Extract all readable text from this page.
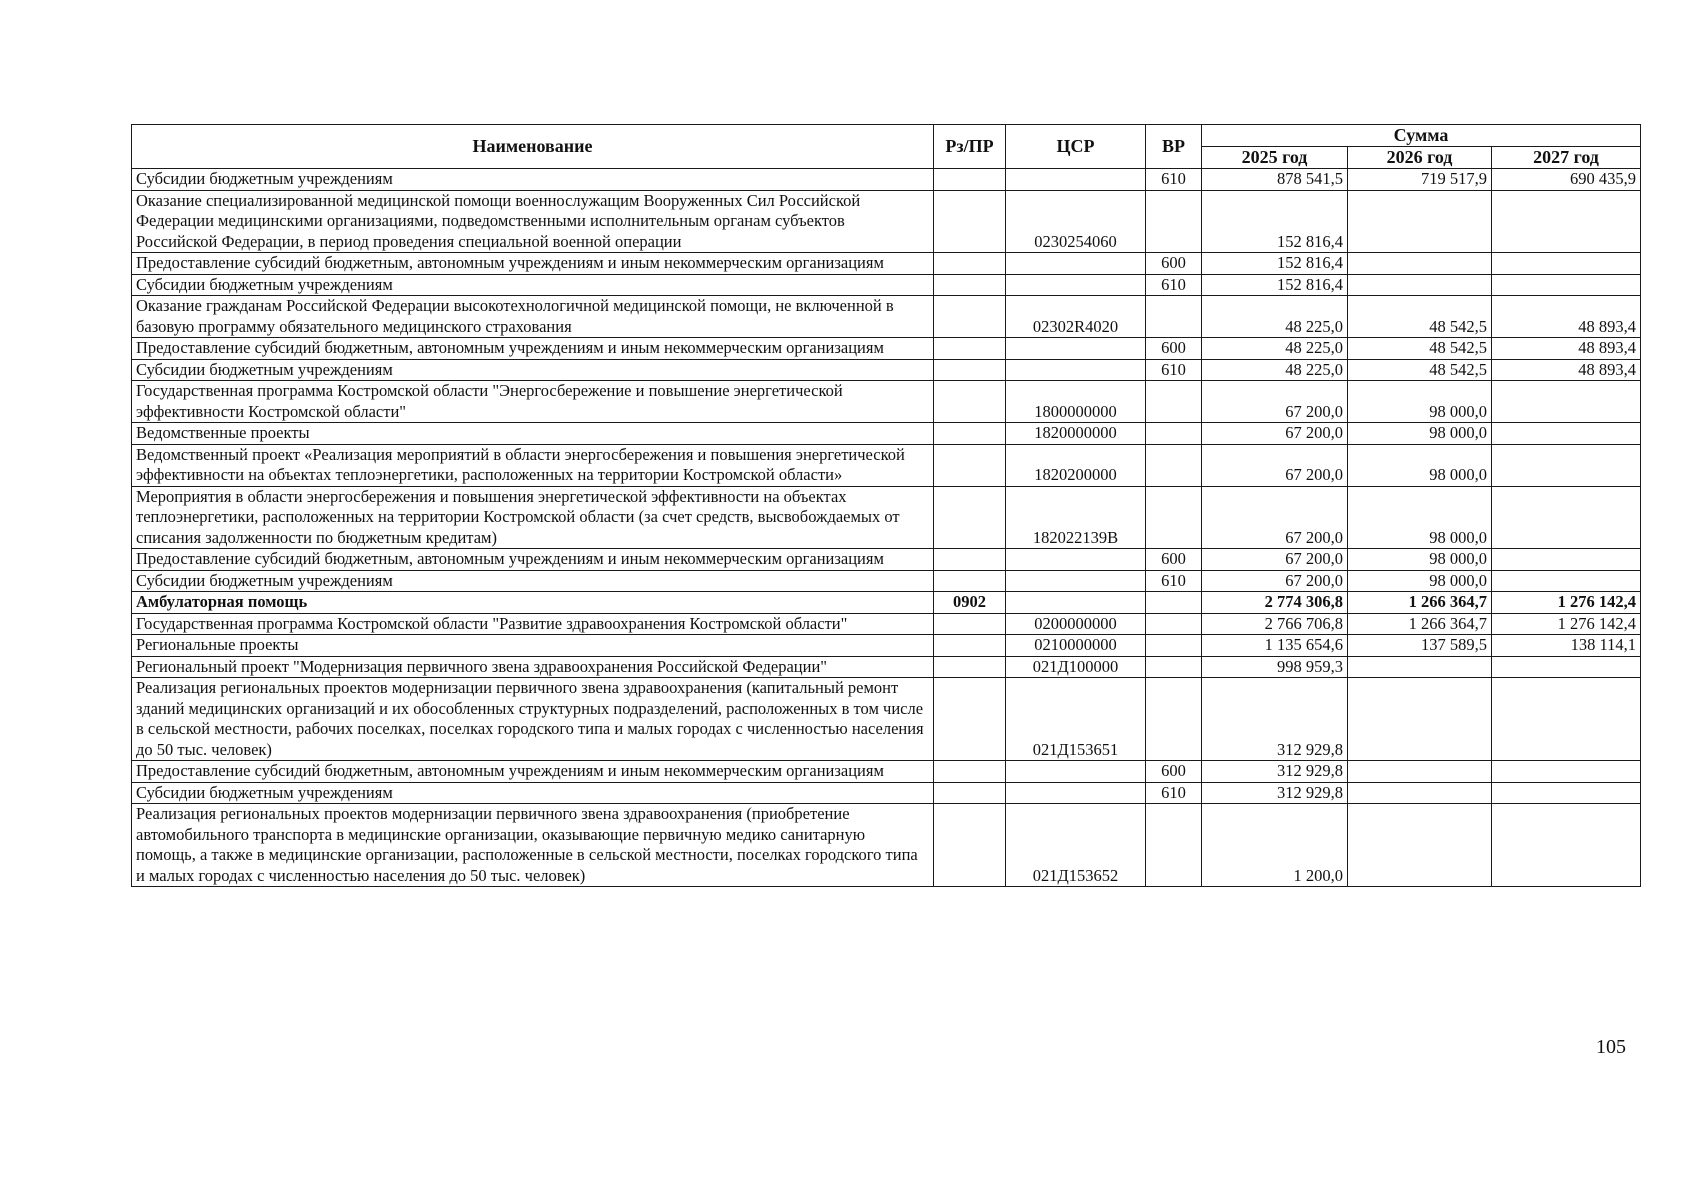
Наименование	Рз/ПР	ЦСР	ВР	Сумма		
				2025 год	2026 год	2027 год
Субсидии бюджетным учреждениям			610	878 541,5	719 517,9	690 435,9
Оказание специализированной медицинской помощи военнослужащим Вооруженных Сил Российской Федерации медицинскими организациями, подведомственными исполнительным органам субъектов Российской Федерации, в период проведения специальной военной операции		0230254060		152 816,4		
Предоставление субсидий бюджетным, автономным учреждениям и иным некоммерческим организациям			600	152 816,4		
Субсидии бюджетным учреждениям			610	152 816,4		
Оказание гражданам Российской Федерации высокотехнологичной медицинской помощи, не включенной в базовую программу обязательного медицинского страхования		02302R4020		48 225,0	48 542,5	48 893,4
Предоставление субсидий бюджетным, автономным учреждениям и иным некоммерческим организациям			600	48 225,0	48 542,5	48 893,4
Субсидии бюджетным учреждениям			610	48 225,0	48 542,5	48 893,4
Государственная программа Костромской области "Энергосбережение и повышение энергетической эффективности Костромской области"		1800000000		67 200,0	98 000,0	
Ведомственные проекты		1820000000		67 200,0	98 000,0	
Ведомственный проект «Реализация мероприятий в области энергосбережения и повышения энергетической эффективности на объектах теплоэнергетики, расположенных на территории Костромской области»		1820200000		67 200,0	98 000,0	
Мероприятия в области энергосбережения и повышения энергетической эффективности на объектах теплоэнергетики, расположенных на территории Костромской области (за счет средств, высвобождаемых от списания задолженности по бюджетным кредитам)		182022139В		67 200,0	98 000,0	
Предоставление субсидий бюджетным, автономным учреждениям и иным некоммерческим организациям			600	67 200,0	98 000,0	
Субсидии бюджетным учреждениям			610	67 200,0	98 000,0	
Амбулаторная помощь	0902			2 774 306,8	1 266 364,7	1 276 142,4
Государственная программа Костромской области "Развитие здравоохранения Костромской области"		0200000000		2 766 706,8	1 266 364,7	1 276 142,4
Региональные проекты		0210000000		1 135 654,6	137 589,5	138 114,1
Региональный проект "Модернизация первичного звена здравоохранения Российской Федерации"		021Д100000		998 959,3		
Реализация региональных проектов модернизации первичного звена здравоохранения (капитальный ремонт зданий медицинских организаций и их обособленных структурных подразделений, расположенных в том числе в сельской местности, рабочих поселках, поселках городского типа и малых городах с численностью населения до 50 тыс. человек)		021Д153651		312 929,8		
Предоставление субсидий бюджетным, автономным учреждениям и иным некоммерческим организациям			600	312 929,8		
Субсидии бюджетным учреждениям			610	312 929,8		
Реализация региональных проектов модернизации первичного звена здравоохранения (приобретение автомобильного транспорта в медицинские организации, оказывающие первичную медико санитарную помощь, а также в медицинские организации, расположенные в сельской местности, поселках городского типа и малых городах с численностью населения до 50 тыс. человек)		021Д153652		1 200,0		
105
